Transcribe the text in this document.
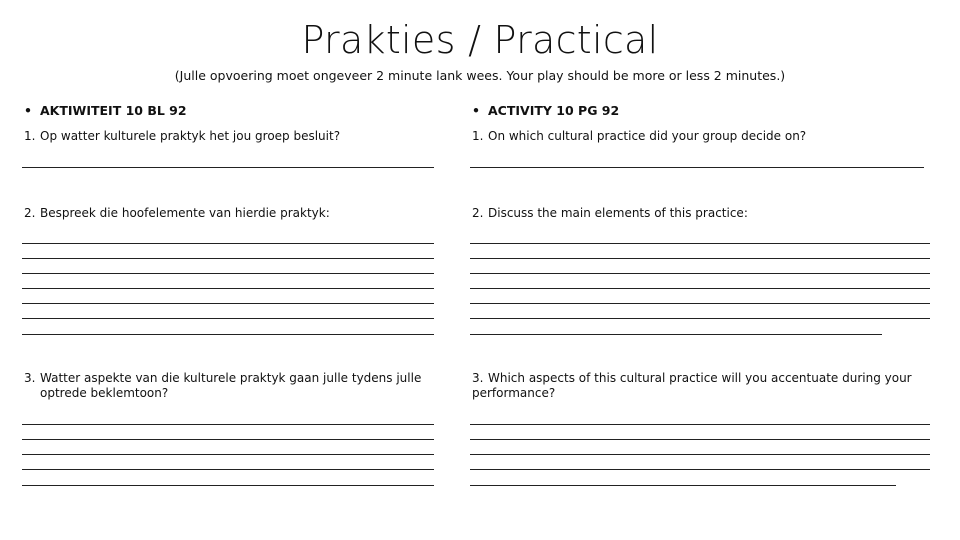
Prakties / Practical
(Julle opvoering moet ongeveer 2 minute lank wees. Your play should be more or less 2 minutes.)
• AKTIWITEIT 10 BL 92
1. Op watter kulturele praktyk het jou groep besluit?
2. Bespreek die hoofelemente van hierdie praktyk:
3. Watter aspekte van die kulturele praktyk gaan julle tydens julle
optrede beklemtoon?
• ACTIVITY 10 PG 92
1. On which cultural practice did your group decide on?
2. Discuss the main elements of this practice:
3. Which aspects of this cultural practice will you accentuate during your
performance?
